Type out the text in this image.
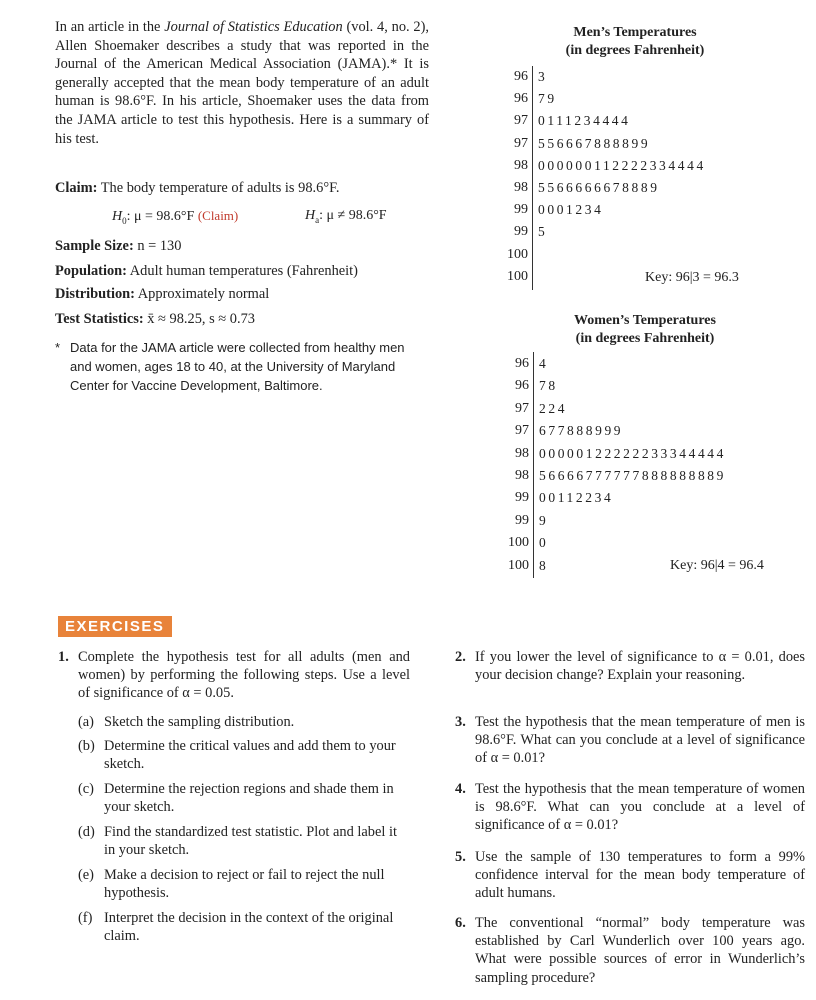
In an article in the Journal of Statistics Education (vol. 4, no. 2), Allen Shoemaker describes a study that was reported in the Journal of the American Medical Association (JAMA).* It is generally accepted that the mean body temperature of an adult human is 98.6°F. In his article, Shoemaker uses the data from the JAMA article to test this hypothesis. Here is a summary of his test.

Claim: The body temperature of adults is 98.6°F.
$H_0$: μ = 98.6°F (Claim)	$H_a$: μ ≠ 98.6°F
Sample Size: n = 130
Population: Adult human temperatures (Fahrenheit)
Distribution: Approximately normal
Test Statistics: x̄ ≈ 98.25, s ≈ 0.73
* Data for the JAMA article were collected from healthy men and women, ages 18 to 40, at the University of Maryland Center for Vaccine Development, Baltimore.
Men’s Temperatures
(in degrees Fahrenheit)
Key: 96|3 = 96.3
Women’s Temperatures
(in degrees Fahrenheit)
Key: 96|4 = 96.4
EXERCISES
1. Complete the hypothesis test for all adults (men and women) by performing the following steps. Use a level of significance of α = 0.05.
(a) Sketch the sampling distribution.
(b) Determine the critical values and add them to your sketch.
(c) Determine the rejection regions and shade them in your sketch.
(d) Find the standardized test statistic. Plot and label it in your sketch.
(e) Make a decision to reject or fail to reject the null hypothesis.
(f) Interpret the decision in the context of the original claim.
2. If you lower the level of significance to α = 0.01, does your decision change? Explain your reasoning.
3. Test the hypothesis that the mean temperature of men is 98.6°F. What can you conclude at a level of significance of α = 0.01?
4. Test the hypothesis that the mean temperature of women is 98.6°F. What can you conclude at a level of significance of α = 0.01?
5. Use the sample of 130 temperatures to form a 99% confidence interval for the mean body temperature of adult humans.
6. The conventional “normal” body temperature was established by Carl Wunderlich over 100 years ago. What were possible sources of error in Wunderlich’s sampling procedure?
96 3
96 79
97 0111234444
97 556667888899
98 000000112222334444
98 5566666678889
99 0001234
99 5
100
100
96 4
96 78
97 224
97 677888999
98 00000122222233344444
98 56666777777888888889
99 00112234
99 9
100 0
100 8
